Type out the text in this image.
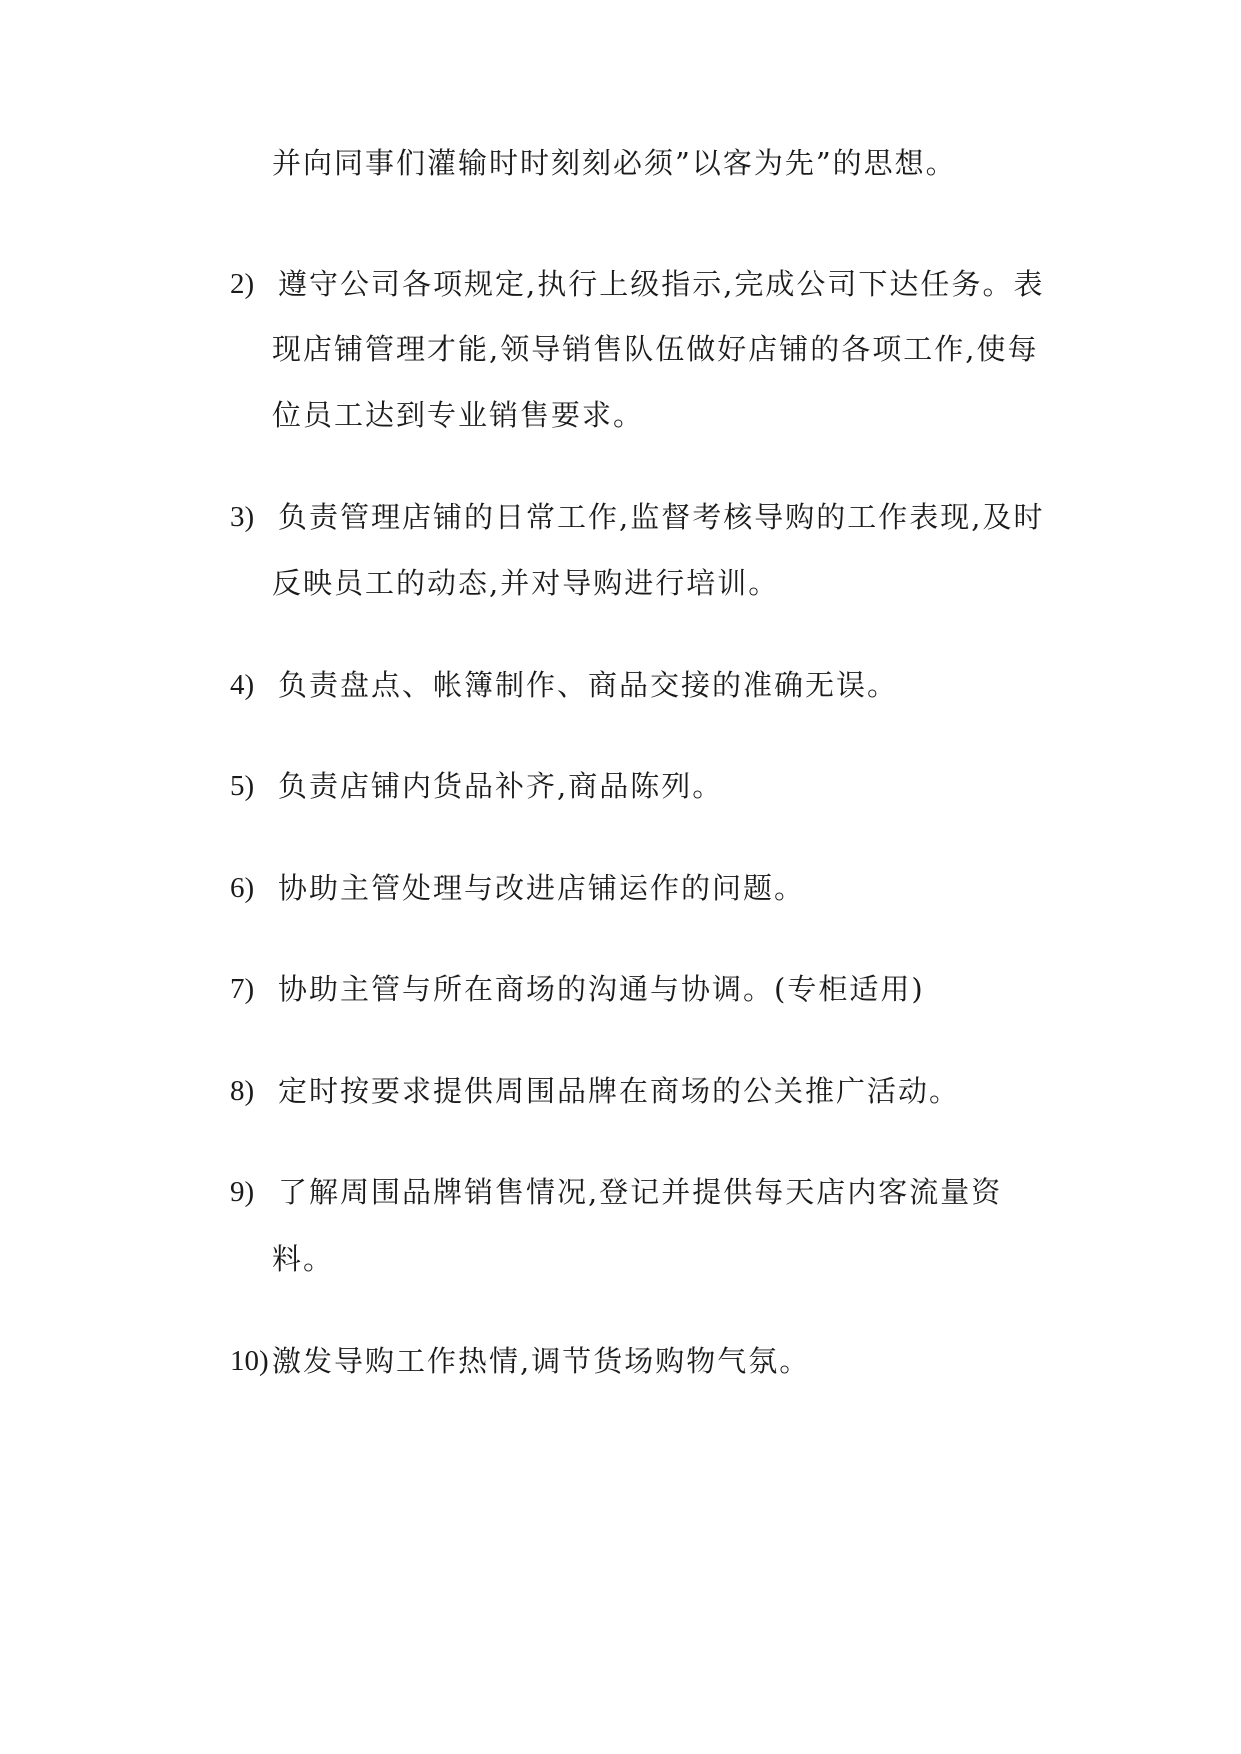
并向同事们灌输时时刻刻必须”以客为先”的思想。
2) 遵守公司各项规定,执行上级指示,完成公司下达任务。表
现店铺管理才能,领导销售队伍做好店铺的各项工作,使每
位员工达到专业销售要求。
3) 负责管理店铺的日常工作,监督考核导购的工作表现,及时
反映员工的动态,并对导购进行培训。
4) 负责盘点、帐簿制作、商品交接的准确无误。
5) 负责店铺内货品补齐,商品陈列。
6) 协助主管处理与改进店铺运作的问题。
7) 协助主管与所在商场的沟通与协调。(专柜适用)
8) 定时按要求提供周围品牌在商场的公关推广活动。
9) 了解周围品牌销售情况,登记并提供每天店内客流量资
料。
10) 激发导购工作热情,调节货场购物气氛。
